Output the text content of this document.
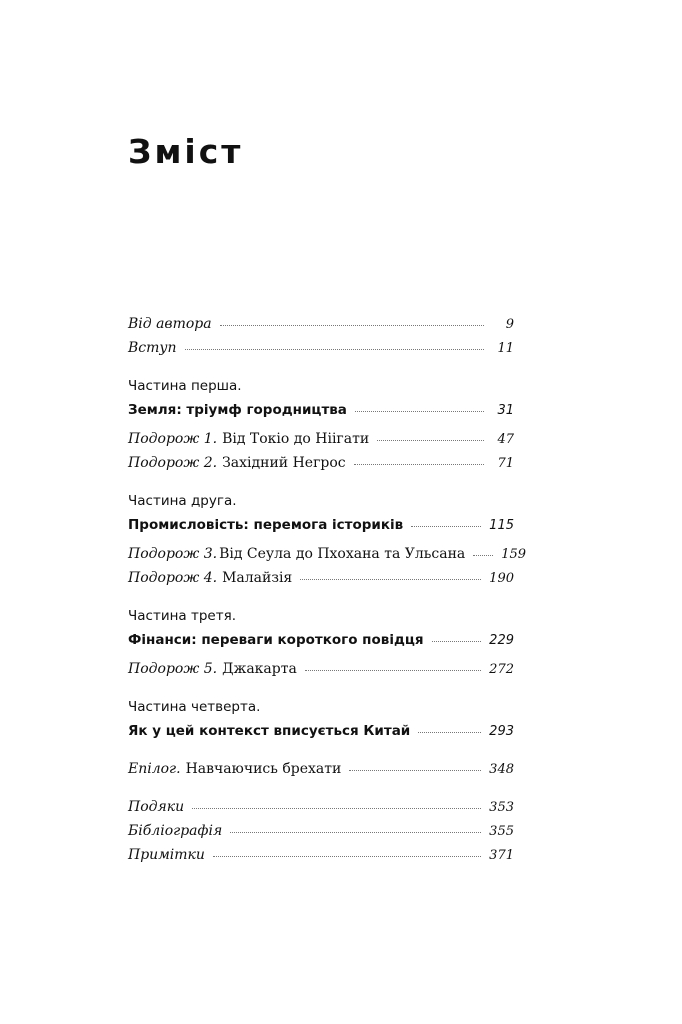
Зміст
Від автора	9
Вступ	11
Частина перша.
Земля: тріумф городництва	31
Подорож 1. Від Токіо до Ніігати	47
Подорож 2. Західний Негрос	71
Частина друга.
Промисловість: перемога істориків	115
Подорож 3. Від Сеула до Пхохана та Ульсана	159
Подорож 4. Малайзія	190
Частина третя.
Фінанси: переваги короткого повідця	229
Подорож 5. Джакарта	272
Частина четверта.
Як у цей контекст вписується Китай	293
Епілог. Навчаючись брехати	348
Подяки	353
Бібліографія	355
Примітки	371
